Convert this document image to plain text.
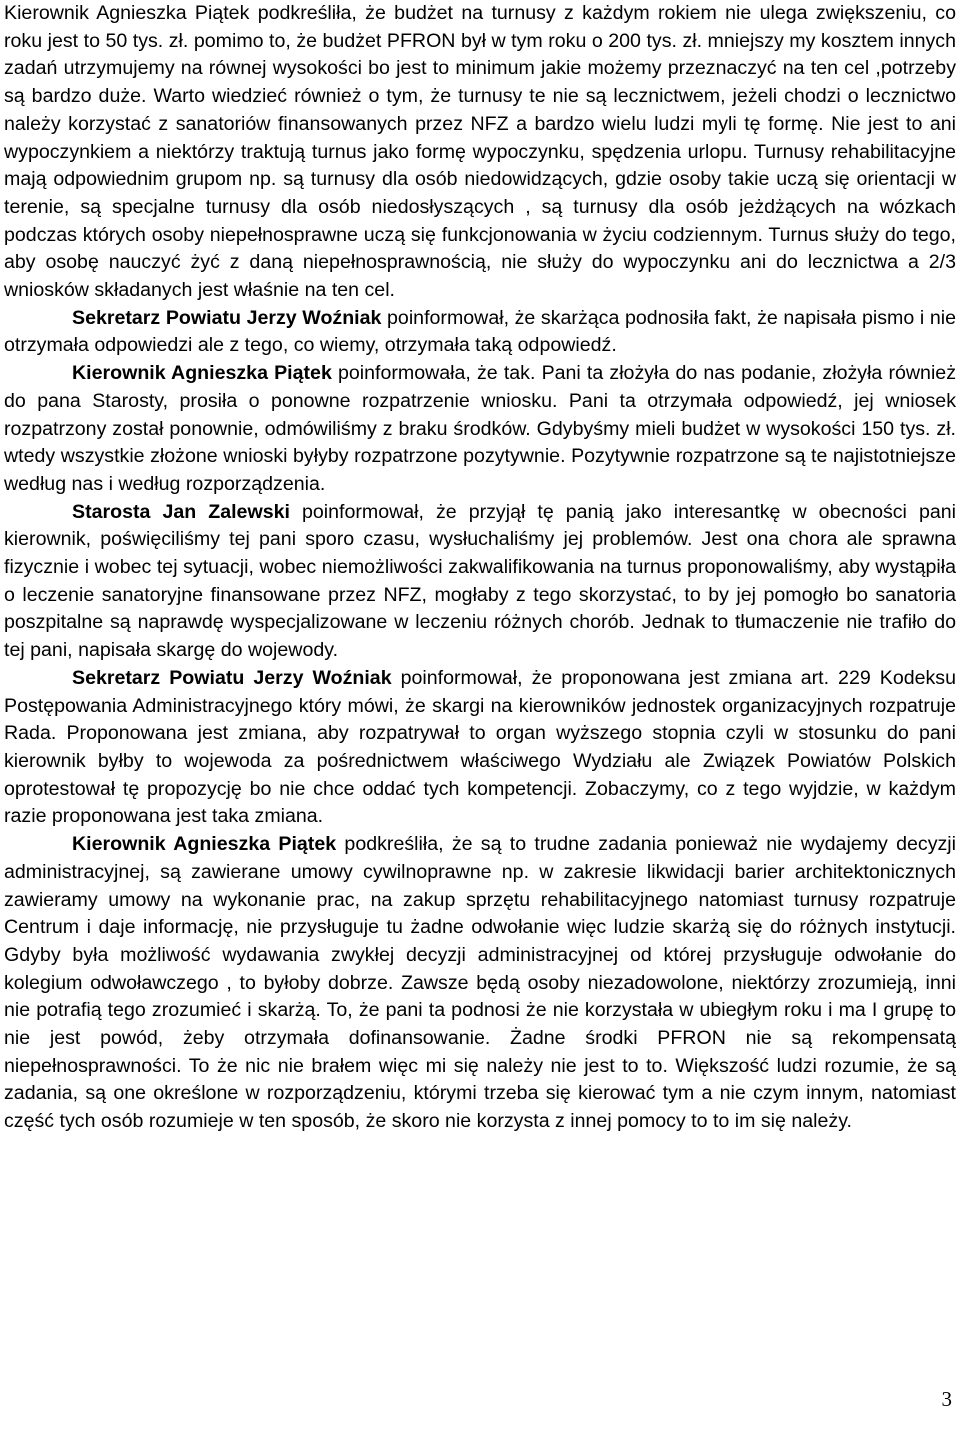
Kierownik Agnieszka Piątek podkreśliła, że budżet na turnusy z każdym rokiem nie ulega zwiększeniu, co roku jest to 50 tys. zł. pomimo to, że budżet PFRON był w tym roku o 200 tys. zł. mniejszy my kosztem innych zadań utrzymujemy na równej wysokości bo jest to minimum jakie możemy przeznaczyć na ten cel ,potrzeby są bardzo duże. Warto wiedzieć również o tym, że turnusy te nie są lecznictwem, jeżeli chodzi o lecznictwo należy korzystać z sanatoriów finansowanych przez NFZ a bardzo wielu ludzi myli tę formę. Nie jest to ani wypoczynkiem a niektórzy traktują turnus jako formę wypoczynku, spędzenia urlopu. Turnusy rehabilitacyjne mają odpowiednim grupom np. są turnusy dla osób niedowidzących, gdzie osoby takie uczą się orientacji w terenie, są specjalne turnusy dla osób niedosłyszących , są turnusy dla osób jeżdżących na wózkach podczas których osoby niepełnosprawne uczą się funkcjonowania w życiu codziennym. Turnus służy do tego, aby osobę nauczyć żyć z daną niepełnosprawnością, nie służy do wypoczynku ani do lecznictwa a 2/3 wniosków składanych jest właśnie na ten cel.

Sekretarz Powiatu Jerzy Woźniak poinformował, że skarżąca podnosiła fakt, że napisała pismo i nie otrzymała odpowiedzi ale z tego, co wiemy, otrzymała taką odpowiedź.

Kierownik Agnieszka Piątek poinformowała, że tak. Pani ta złożyła do nas podanie, złożyła również do pana Starosty, prosiła o ponowne rozpatrzenie wniosku. Pani ta otrzymała odpowiedź, jej wniosek rozpatrzony został ponownie, odmówiliśmy z braku środków. Gdybyśmy mieli budżet w wysokości 150 tys. zł. wtedy wszystkie złożone wnioski byłyby rozpatrzone pozytywnie. Pozytywnie rozpatrzone są te najistotniejsze według nas i według rozporządzenia.

Starosta Jan Zalewski poinformował, że przyjął tę panią jako interesantkę w obecności pani kierownik, poświęciliśmy tej pani sporo czasu, wysłuchaliśmy jej problemów. Jest ona chora ale sprawna fizycznie i wobec tej sytuacji, wobec niemożliwości zakwalifikowania na turnus proponowaliśmy, aby wystąpiła o leczenie sanatoryjne finansowane przez NFZ, mogłaby z tego skorzystać, to by jej pomogło bo sanatoria poszpitalne są naprawdę wyspecjalizowane w leczeniu różnych chorób. Jednak to tłumaczenie nie trafiło do tej pani, napisała skargę do wojewody.

Sekretarz Powiatu Jerzy Woźniak poinformował, że proponowana jest zmiana art. 229 Kodeksu Postępowania Administracyjnego który mówi, że skargi na kierowników jednostek organizacyjnych rozpatruje Rada. Proponowana jest zmiana, aby rozpatrywał to organ wyższego stopnia czyli w stosunku do pani kierownik byłby to wojewoda za pośrednictwem właściwego Wydziału ale Związek Powiatów Polskich oprotestował tę propozycję bo nie chce oddać tych kompetencji. Zobaczymy, co z tego wyjdzie, w każdym razie proponowana jest taka zmiana.

Kierownik Agnieszka Piątek podkreśliła, że są to trudne zadania ponieważ nie wydajemy decyzji administracyjnej, są zawierane umowy cywilnoprawne np. w zakresie likwidacji barier architektonicznych zawieramy umowy na wykonanie prac, na zakup sprzętu rehabilitacyjnego natomiast turnusy rozpatruje Centrum i daje informację, nie przysługuje tu żadne odwołanie więc ludzie skarżą się do różnych instytucji. Gdyby była możliwość wydawania zwykłej decyzji administracyjnej od której przysługuje odwołanie do kolegium odwoławczego , to byłoby dobrze. Zawsze będą osoby niezadowolone, niektórzy zrozumieją, inni nie potrafią tego zrozumieć i skarżą. To, że pani ta podnosi że nie korzystała w ubiegłym roku i ma I grupę to nie jest powód, żeby otrzymała dofinansowanie. Żadne środki PFRON nie są rekompensatą niepełnosprawności. To że nic nie brałem więc mi się należy nie jest to to. Większość ludzi rozumie, że są zadania, są one określone w rozporządzeniu, którymi trzeba się kierować tym a nie czym innym, natomiast część tych osób rozumieje w ten sposób, że skoro nie korzysta z innej pomocy to to im się należy.

3
